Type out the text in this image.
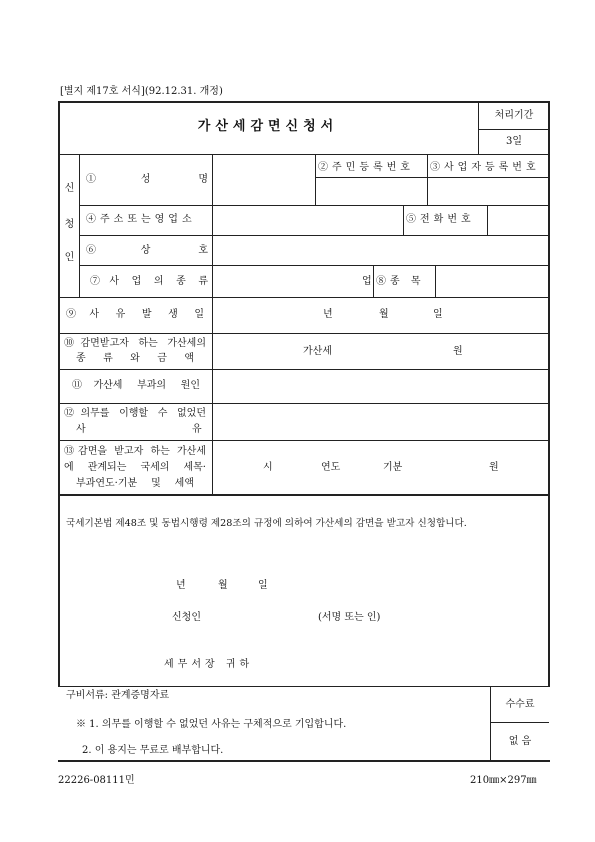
[별지 제17호 서식](92.12.31. 개정)
가산세감면신청서
처리기간
3일
신
청
인
①성 명
②주민등록번호 ③사업자등록번호
④주소또는영업소	⑤전화번호
⑥상 호
⑦사 업 의 종 류	업 ⑧종 목
⑨사 유 발 생 일	년	월	일
⑩감면받고자 하는 가산세의
종 류 와 금 액
가산세	원
⑪가산세 부과의 원인
⑫의무를 이행할 수 없었던
사	유
⑬감면을 받고자 하는 가산세
에 관계되는 국세의 세목·
부과연도·기분 및 세액
시	연도	기분	원
국세기본법 제48조 및 동법시행령 제28조의 규정에 의하여 가산세의 감면을 받고자 신청합니다.
년	월	일
신청인	(서명 또는 인)
세무서장 귀하
구비서류: 관계증명자료
※ 1. 의무를 이행할 수 없었던 사유는 구체적으로 기입합니다.
2. 이 용지는 무료로 배부합니다.
수수료
없 음
22226-08111민	210㎜×297㎜
